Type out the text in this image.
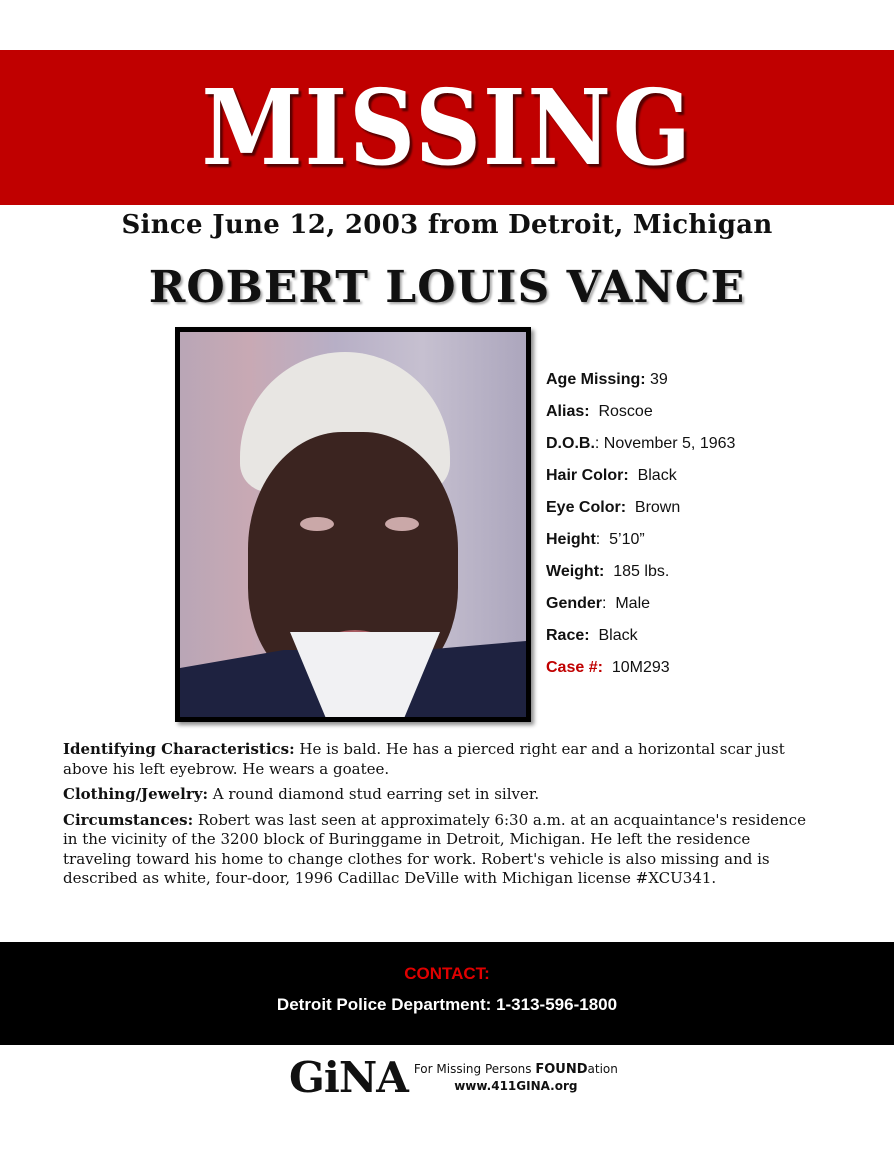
MISSING
Since June 12, 2003 from Detroit, Michigan
ROBERT LOUIS VANCE
Age Missing: 39
Alias:  Roscoe
D.O.B.: November 5, 1963
Hair Color:  Black
Eye Color:  Brown
Height:  5’10”
Weight:  185 lbs.
Gender:  Male
Race:  Black
Case #:  10M293

Identifying Characteristics: He is bald. He has a pierced right ear and a horizontal scar just above his left eyebrow. He wears a goatee.

Clothing/Jewelry: A round diamond stud earring set in silver.

Circumstances: Robert was last seen at approximately 6:30 a.m. at an acquaintance's residence in the vicinity of the 3200 block of Buringgame in Detroit, Michigan. He left the residence traveling toward his home to change clothes for work. Robert's vehicle is also missing and is described as white, four-door, 1996 Cadillac DeVille with Michigan license #XCU341.

CONTACT:
Detroit Police Department: 1-313-596-1800
GiNA For Missing Persons FOUNDation
www.411GINA.org
